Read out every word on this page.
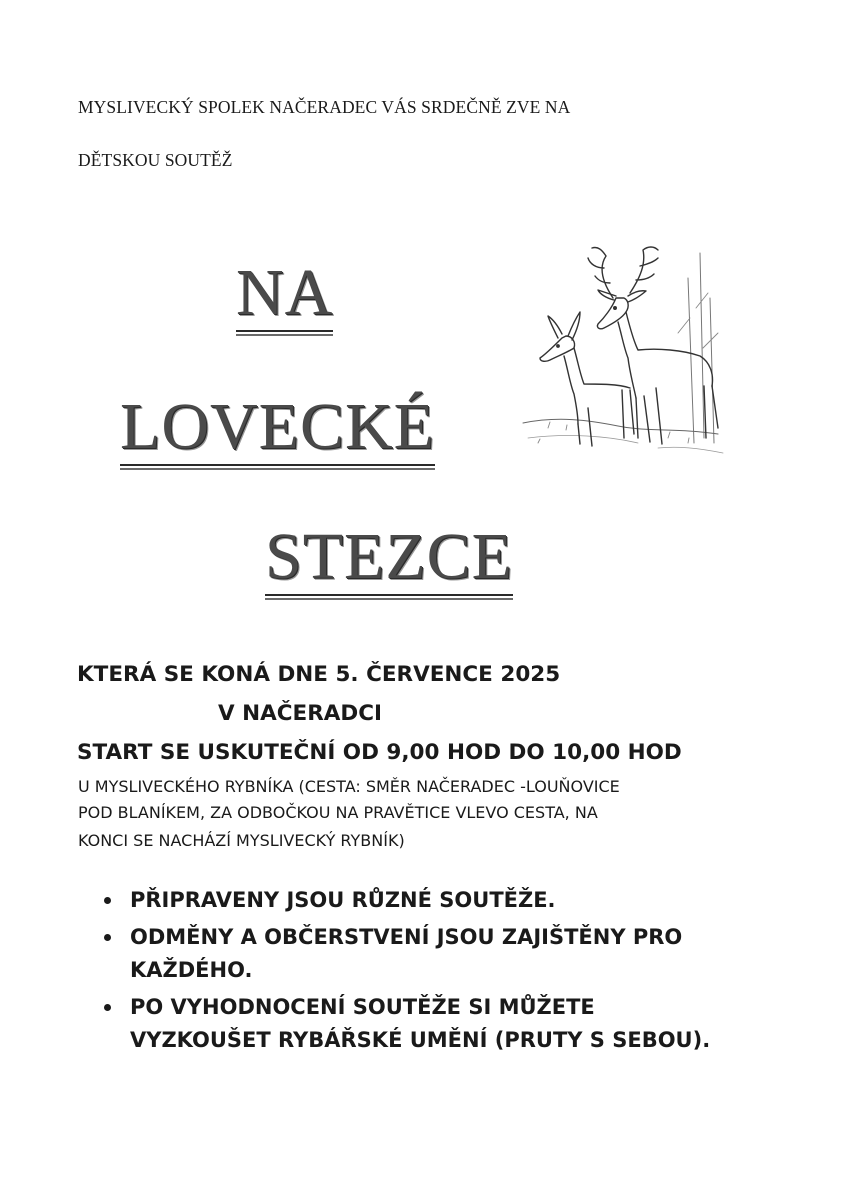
MYSLIVECKÝ SPOLEK NAČERADEC VÁS SRDEČNĚ ZVE NA
DĚTSKOU SOUTĚŽ
NA
LOVECKÉ
STEZCE
KTERÁ SE KONÁ DNE 5. ČERVENCE 2025
V NAČERADCI
START SE USKUTEČNÍ OD 9,00 HOD DO 10,00 HOD
U MYSLIVECKÉHO RYBNÍKA (CESTA: SMĚR NAČERADEC -LOUŇOVICE
POD BLANÍKEM, ZA ODBOČKOU NA PRAVĚTICE VLEVO CESTA, NA
KONCI SE NACHÁZÍ MYSLIVECKÝ RYBNÍK)
PŘIPRAVENY JSOU RŮZNÉ SOUTĚŽE.
ODMĚNY A OBČERSTVENÍ JSOU ZAJIŠTĚNY PRO
KAŽDÉHO.
PO VYHODNOCENÍ SOUTĚŽE SI MŮŽETE
VYZKOUŠET RYBÁŘSKÉ UMĚNÍ (PRUTY S SEBOU).
